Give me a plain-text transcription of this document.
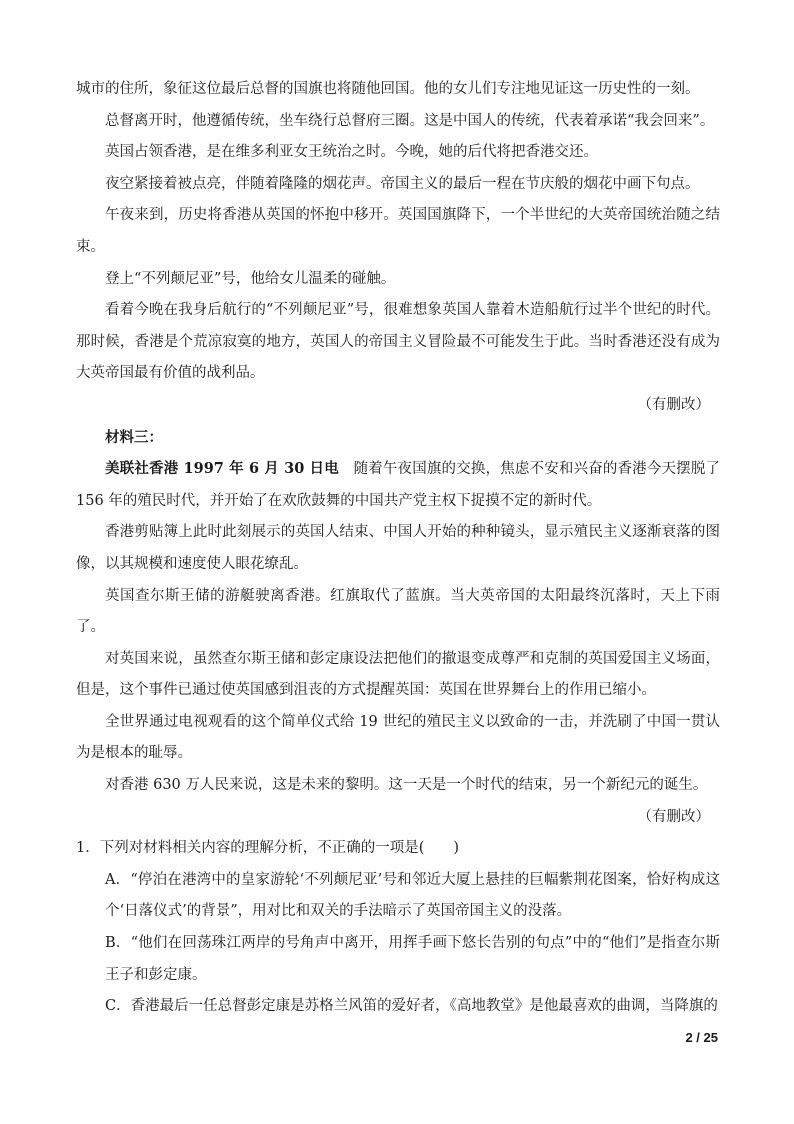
城市的住所，象征这位最后总督的国旗也将随他回国。他的女儿们专注地见证这一历史性的一刻。

总督离开时，他遵循传统，坐车绕行总督府三圈。这是中国人的传统，代表着承诺“我会回来”。

英国占领香港，是在维多利亚女王统治之时。今晚，她的后代将把香港交还。

夜空紧接着被点亮，伴随着隆隆的烟花声。帝国主义的最后一程在节庆般的烟花中画下句点。

午夜来到，历史将香港从英国的怀抱中移开。英国国旗降下，一个半世纪的大英帝国统治随之结束。

登上“不列颠尼亚”号，他给女儿温柔的碰触。

看着今晚在我身后航行的“不列颠尼亚”号，很难想象英国人靠着木造船航行过半个世纪的时代。那时候，香港是个荒凉寂寞的地方，英国人的帝国主义冒险最不可能发生于此。当时香港还没有成为大英帝国最有价值的战利品。

（有删改）

材料三：

美联社香港 1997 年 6 月 30 日电　 随着午夜国旗的交换，焦虑不安和兴奋的香港今天摆脱了 156 年的殖民时代，并开始了在欢欣鼓舞的中国共产党主权下捉摸不定的新时代。

香港剪贴簿上此时此刻展示的英国人结束、中国人开始的种种镜头，显示殖民主义逐渐衰落的图像，以其规模和速度使人眼花缭乱。

英国查尔斯王储的游艇驶离香港。红旗取代了蓝旗。当大英帝国的太阳最终沉落时，天上下雨了。

对英国来说，虽然查尔斯王储和彭定康设法把他们的撤退变成尊严和克制的英国爱国主义场面，但是，这个事件已通过使英国感到沮丧的方式提醒英国：英国在世界舞台上的作用已缩小。

全世界通过电视观看的这个简单仪式给 19 世纪的殖民主义以致命的一击，并洗刷了中国一贯认为是根本的耻辱。

对香港 630 万人民来说，这是未来的黎明。这一天是一个时代的结束，另一个新纪元的诞生。

（有删改）

1．下列对材料相关内容的理解分析，不正确的一项是(　　)

A．“停泊在港湾中的皇家游轮‘不列颠尼亚’号和邻近大厦上悬挂的巨幅紫荆花图案，恰好构成这个‘日落仪式’的背景”，用对比和双关的手法暗示了英国帝国主义的没落。

B．“他们在回荡珠江两岸的号角声中离开，用挥手画下悠长告别的句点”中的“他们”是指查尔斯王子和彭定康。

C．香港最后一任总督彭定康是苏格兰风笛的爱好者，《高地教堂》是他最喜欢的曲调，当降旗的

2 / 25
